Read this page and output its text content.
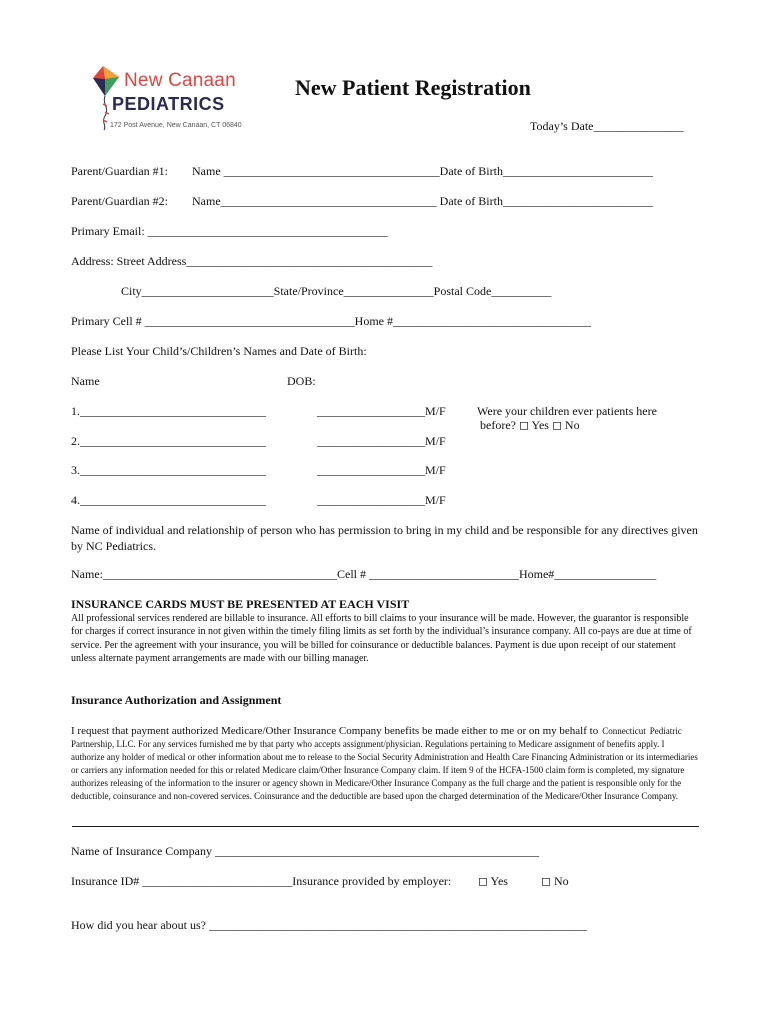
New Canaan
PEDIATRICS
172 Post Avenue, New Canaan, CT 06840
New Patient Registration
Today’s Date_______________
Parent/Guardian #1: Name ____________________________________Date of Birth_________________________
Parent/Guardian #2: Name____________________________________ Date of Birth_________________________
Primary Email: ________________________________________
Address: Street Address_________________________________________
City______________________State/Province_______________Postal Code__________
Primary Cell # ___________________________________Home #_________________________________
Please List Your Child’s/Children’s Names and Date of Birth:
Name	DOB:
1._______________________________	__________________M/F
2._______________________________	__________________M/F
3._______________________________	__________________M/F
4._______________________________	__________________M/F
Were your children ever patients here
before? ◻ Yes ◻ No
Name of individual and relationship of person who has permission to bring in my child and be responsible for any directives given by NC Pediatrics.
Name:_______________________________________Cell # _________________________Home#_________________
INSURANCE CARDS MUST BE PRESENTED AT EACH VISIT
All professional services rendered are billable to insurance. All efforts to bill claims to your insurance will be made. However, the guarantor is responsible for charges if correct insurance in not given within the timely filing limits as set forth by the individual’s insurance company. All co-pays are due at time of service. Per the agreement with your insurance, you will be billed for coinsurance or deductible balances. Payment is due upon receipt of our statement unless alternate payment arrangements are made with our billing manager.
Insurance Authorization and Assignment
I request that payment authorized Medicare/Other Insurance Company benefits be made either to me or on my behalf to Connecticut Pediatric Partnership, LLC. For any services furnished me by that party who accepts assignment/physician. Regulations pertaining to Medicare assignment of benefits apply. I authorize any holder of medical or other information about me to release to the Social Security Administration and Health Care Financing Administration or its intermediaries or carriers any information needed for this or related Medicare claim/Other Insurance Company claim. If item 9 of the HCFA-1500 claim form is completed, my signature authorizes releasing of the information to the insurer or agency shown in Medicare/Other Insurance Company as the full charge and the patient is responsible only for the deductible, coinsurance and non-covered services. Coinsurance and the deductible are based upon the charged determination of the Medicare/Other Insurance Company.
Name of Insurance Company ______________________________________________________
Insurance ID# _________________________Insurance provided by employer: ◻ Yes	◻ No
How did you hear about us? _______________________________________________________________
